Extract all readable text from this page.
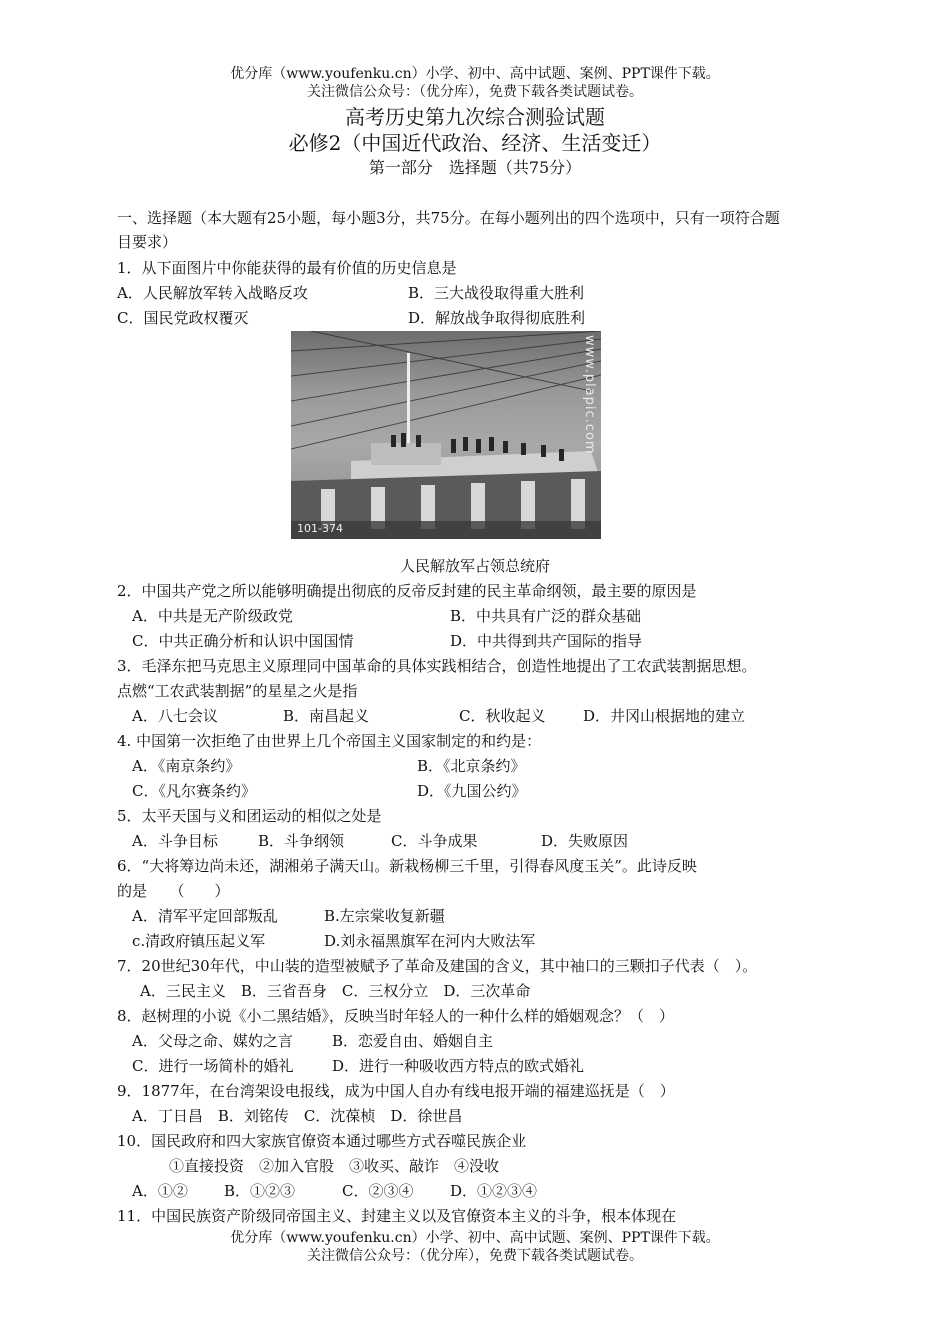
优分库（www.youfenku.cn）小学、初中、高中试题、案例、PPT课件下载。
关注微信公众号：（优分库），免费下载各类试题试卷。
高考历史第九次综合测验试题
必修2（中国近代政治、经济、生活变迁）
第一部分　选择题（共75分）
一、选择题（本大题有25小题，每小题3分，共75分。在每小题列出的四个选项中，只有一项符合题
目要求）
1．从下面图片中你能获得的最有价值的历史信息是
A．人民解放军转入战略反攻	B．三大战役取得重大胜利
C．国民党政权覆灭	D．解放战争取得彻底胜利
www.plapic.com
101-374
人民解放军占领总统府
2．中国共产党之所以能够明确提出彻底的反帝反封建的民主革命纲领，最主要的原因是
A．中共是无产阶级政党	B．中共具有广泛的群众基础
C．中共正确分析和认识中国国情	D．中共得到共产国际的指导
3．毛泽东把马克思主义原理同中国革命的具体实践相结合，创造性地提出了工农武装割据思想。
点燃“工农武装割据”的星星之火是指
A．八七会议	B．南昌起义	C．秋收起义	D．井冈山根据地的建立
4. 中国第一次拒绝了由世界上几个帝国主义国家制定的和约是：
A．《南京条约》	B．《北京条约》
C．《凡尔赛条约》	D．《九国公约》
5．太平天国与义和团运动的相似之处是
A．斗争目标	B．斗争纲领	C．斗争成果	D．失败原因
6．“大将筹边尚未还，湖湘弟子满天山。新栽杨柳三千里，引得春风度玉关”。此诗反映
的是　　（　　）
A．清军平定回部叛乱	B.左宗棠收复新疆
c.清政府镇压起义军	D.刘永福黑旗军在河内大败法军
7．20世纪30年代，中山装的造型被赋予了革命及建国的含义，其中袖口的三颗扣子代表（　）。
A．三民主义　B．三省吾身　C．三权分立　D．三次革命
8．赵树理的小说《小二黑结婚》，反映当时年轻人的一种什么样的婚姻观念？（　）
A．父母之命、媒妁之言	B．恋爱自由、婚姻自主
C．进行一场简朴的婚礼	D．进行一种吸收西方特点的欧式婚礼
9．1877年，在台湾架设电报线，成为中国人自办有线电报开端的福建巡抚是（　）
A．丁日昌　B．刘铭传　C．沈葆桢　D．徐世昌
10．国民政府和四大家族官僚资本通过哪些方式吞噬民族企业
①直接投资　②加入官股　③收买、敲诈　④没收
A．①② B．①②③	C．②③④ D．①②③④
11．中国民族资产阶级同帝国主义、封建主义以及官僚资本主义的斗争，根本体现在
优分库（www.youfenku.cn）小学、初中、高中试题、案例、PPT课件下载。
关注微信公众号：（优分库），免费下载各类试题试卷。
